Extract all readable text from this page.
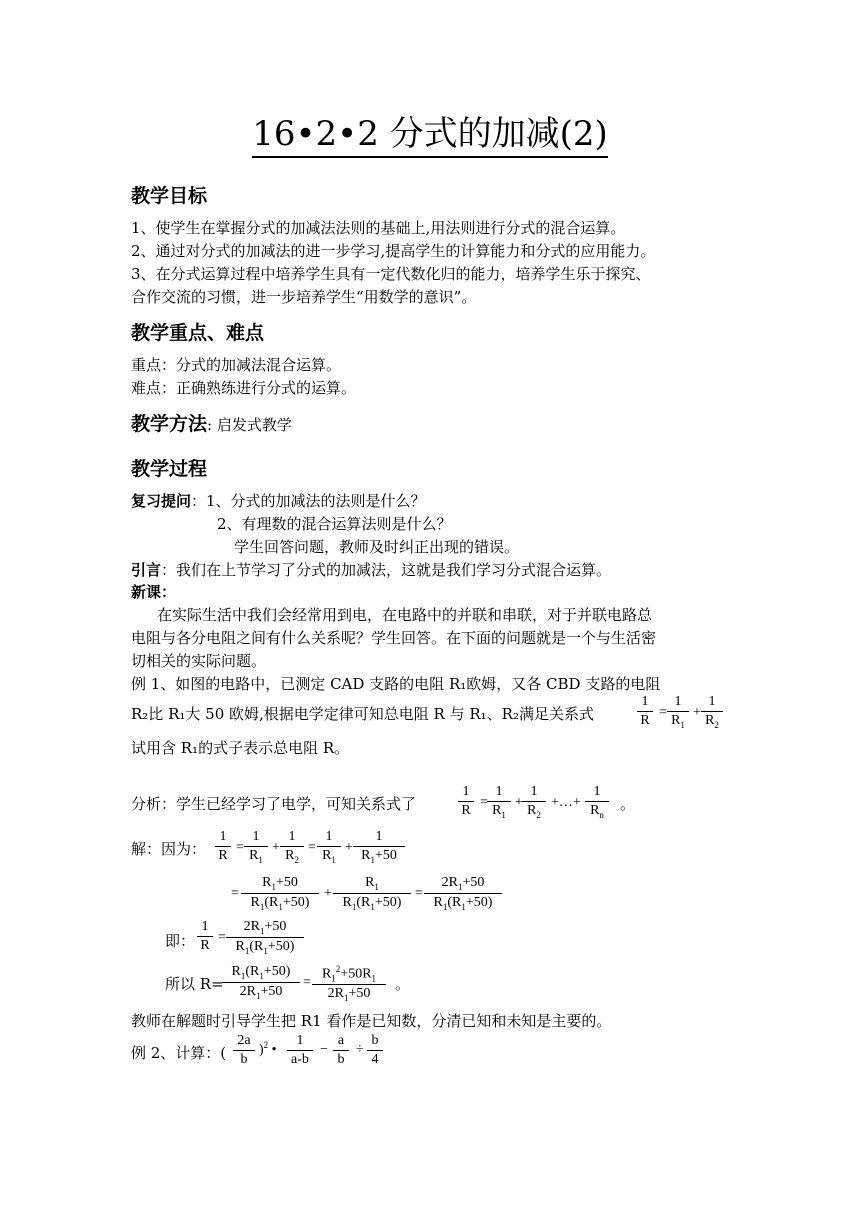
16•2•2 分式的加减(2)
教学目标
1、使学生在掌握分式的加减法法则的基础上,用法则进行分式的混合运算。
2、通过对分式的加减法的进一步学习,提高学生的计算能力和分式的应用能力。
3、在分式运算过程中培养学生具有一定代数化归的能力，培养学生乐于探究、
合作交流的习惯，进一步培养学生“用数学的意识”。
教学重点、难点
重点：分式的加减法混合运算。
难点：正确熟练进行分式的运算。
教学方法: 启发式教学
教学过程
复习提问：1、分式的加减法的法则是什么？
2、有理数的混合运算法则是什么？
学生回答问题，教师及时纠正出现的错误。
引言：我们在上节学习了分式的加减法，这就是我们学习分式混合运算。
新课：
在实际生活中我们会经常用到电，在电路中的并联和串联，对于并联电路总
电阻与各分电阻之间有什么关系呢？学生回答。在下面的问题就是一个与生活密
切相关的实际问题。
例 1、如图的电路中，已测定 CAD 支路的电阻 R₁欧姆，又各 CBD 支路的电阻
R₂比 R₁大 50 欧姆,根据电学定律可知总电阻 R 与 R₁、R₂满足关系式
1
R
=
1
$R_1$
+
1
$R_2$
试用含 R₁的式子表示总电阻 R。
分析：学生已经学习了电学，可知关系式了
1
R
=
1
$R_1$
+
1
$R_2$
+…+
1
$R_n$
。
解：因为：
1
R
=
1
$R_1$
+
1
$R_2$
=
1
$R_1$
+
1
$R_1+50$
=
$R_1+50$
$R_1(R_1+50)$
+
$R_1$
$R_1(R_1+50)$
=
$2R_1+50$
$R_1(R_1+50)$
即：
1
R
=
$2R_1+50$
$R_1(R_1+50)$
所以 R=
$R_1(R_1+50)$
$2R_1+50$
=
$R_1^2+50R_1$
$2R_1+50$
。
教师在解题时引导学生把 R1 看作是已知数，分清已知和未知是主要的。
例 2、计算：(
2a
b
)$^2$ •
1
a-b
−
a
b
÷
b
4
